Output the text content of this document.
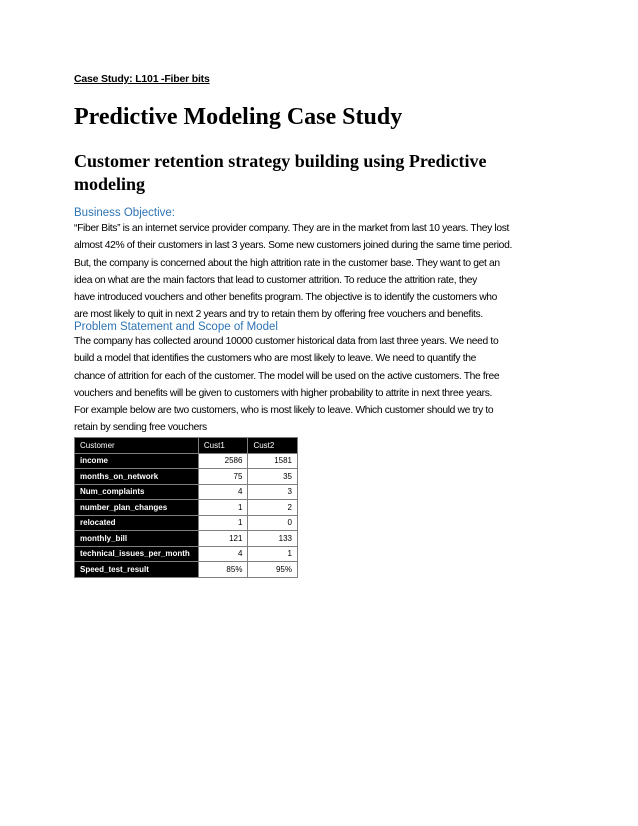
Case Study: L101 -Fiber bits
Predictive Modeling Case Study
Customer retention strategy building using Predictive modeling
Business Objective:
“Fiber Bits” is an internet service provider company. They are in the market from last 10 years. They lost
almost 42% of their customers in last 3 years. Some new customers joined during the same time period.
But, the company is concerned about the high attrition rate in the customer base. They want to get an
idea on what are the main factors that lead to customer attrition. To reduce the attrition rate, they
have introduced vouchers and other benefits program. The objective is to identify the customers who
are most likely to quit in next 2 years and try to retain them by offering free vouchers and benefits.
Problem Statement and Scope of Model
The company has collected around 10000 customer historical data from last three years. We need to
build a model that identifies the customers who are most likely to leave. We need to quantify the
chance of attrition for each of the customer. The model will be used on the active customers. The free
vouchers and benefits will be given to customers with higher probability to attrite in next three years.
For example below are two customers, who is most likely to leave. Which customer should we try to
retain by sending free vouchers
Customer	Cust1	Cust2
income	2586	1581
months_on_network	75	35
Num_complaints	4	3
number_plan_changes	1	2
relocated	1	0
monthly_bill	121	133
technical_issues_per_month	4	1
Speed_test_result	85%	95%
